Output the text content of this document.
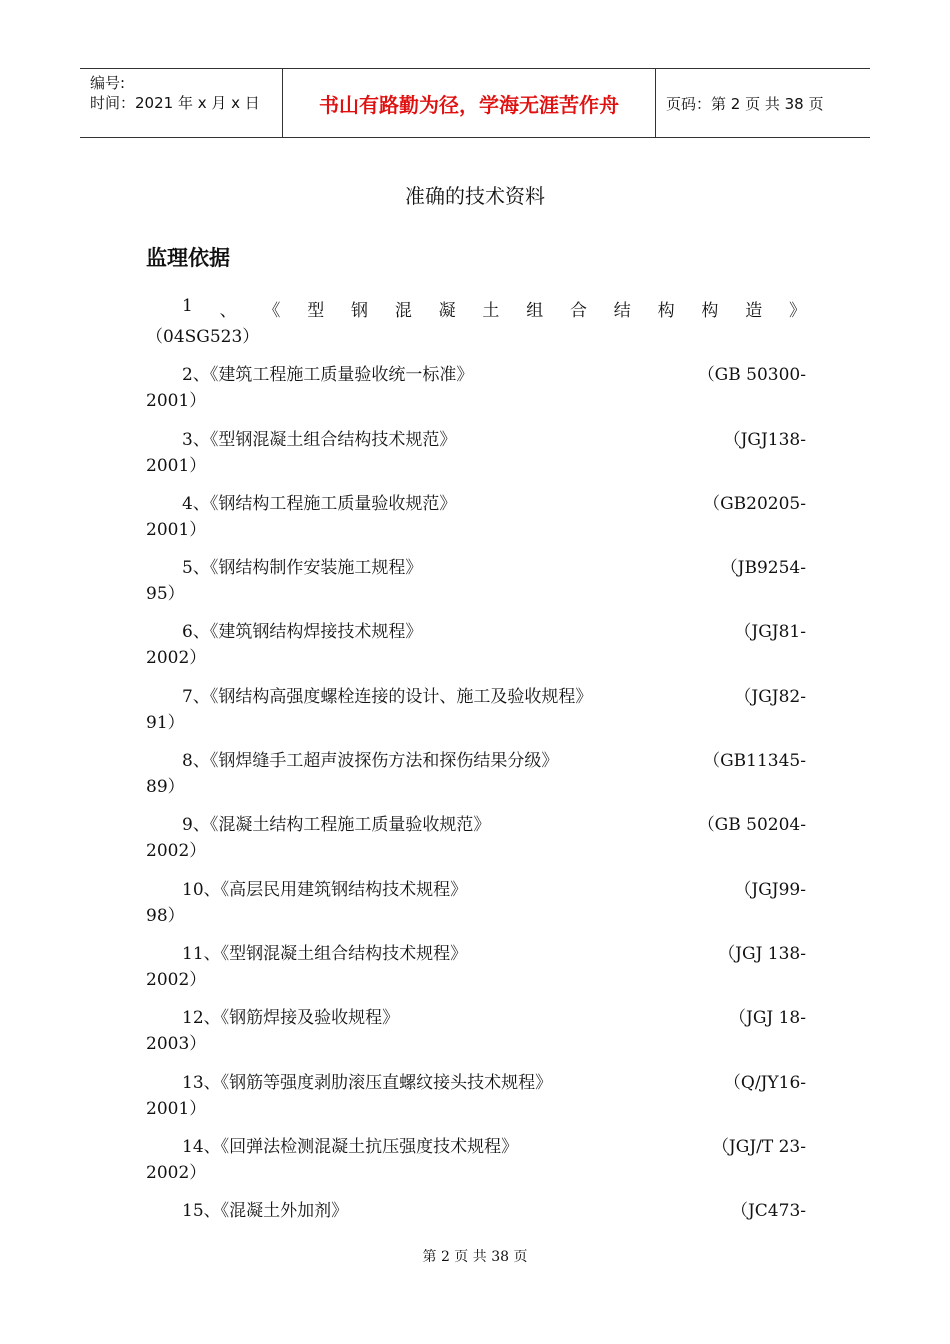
编号:
时间：2021 年 x 月 x 日	书山有路勤为径，学海无涯苦作舟	页码：第 2 页 共 38 页
准确的技术资料
监理依据
1 、 《 型 钢 混 凝 土 组 合 结 构 构 造 》
（04SG523）
2、《建筑工程施工质量验收统一标准》	（GB 50300-
2001）
3、《型钢混凝土组合结构技术规范》	（JGJ138-
2001）
4、《钢结构工程施工质量验收规范》	（GB20205-
2001）
5、《钢结构制作安装施工规程》	（JB9254-
95）
6、《建筑钢结构焊接技术规程》	（JGJ81-
2002）
7、《钢结构高强度螺栓连接的设计、施工及验收规程》	（JGJ82-
91）
8、《钢焊缝手工超声波探伤方法和探伤结果分级》	（GB11345-
89）
9、《混凝土结构工程施工质量验收规范》	（GB 50204-
2002）
10、《高层民用建筑钢结构技术规程》	（JGJ99-
98）
11、《型钢混凝土组合结构技术规程》	（JGJ 138-
2002）
12、《钢筋焊接及验收规程》	（JGJ 18-
2003）
13、《钢筋等强度剥肋滚压直螺纹接头技术规程》	（Q/JY16-
2001）
14、《回弹法检测混凝土抗压强度技术规程》	（JGJ/T 23-
2002）
15、《混凝土外加剂》	（JC473-
第 2 页 共 38 页
